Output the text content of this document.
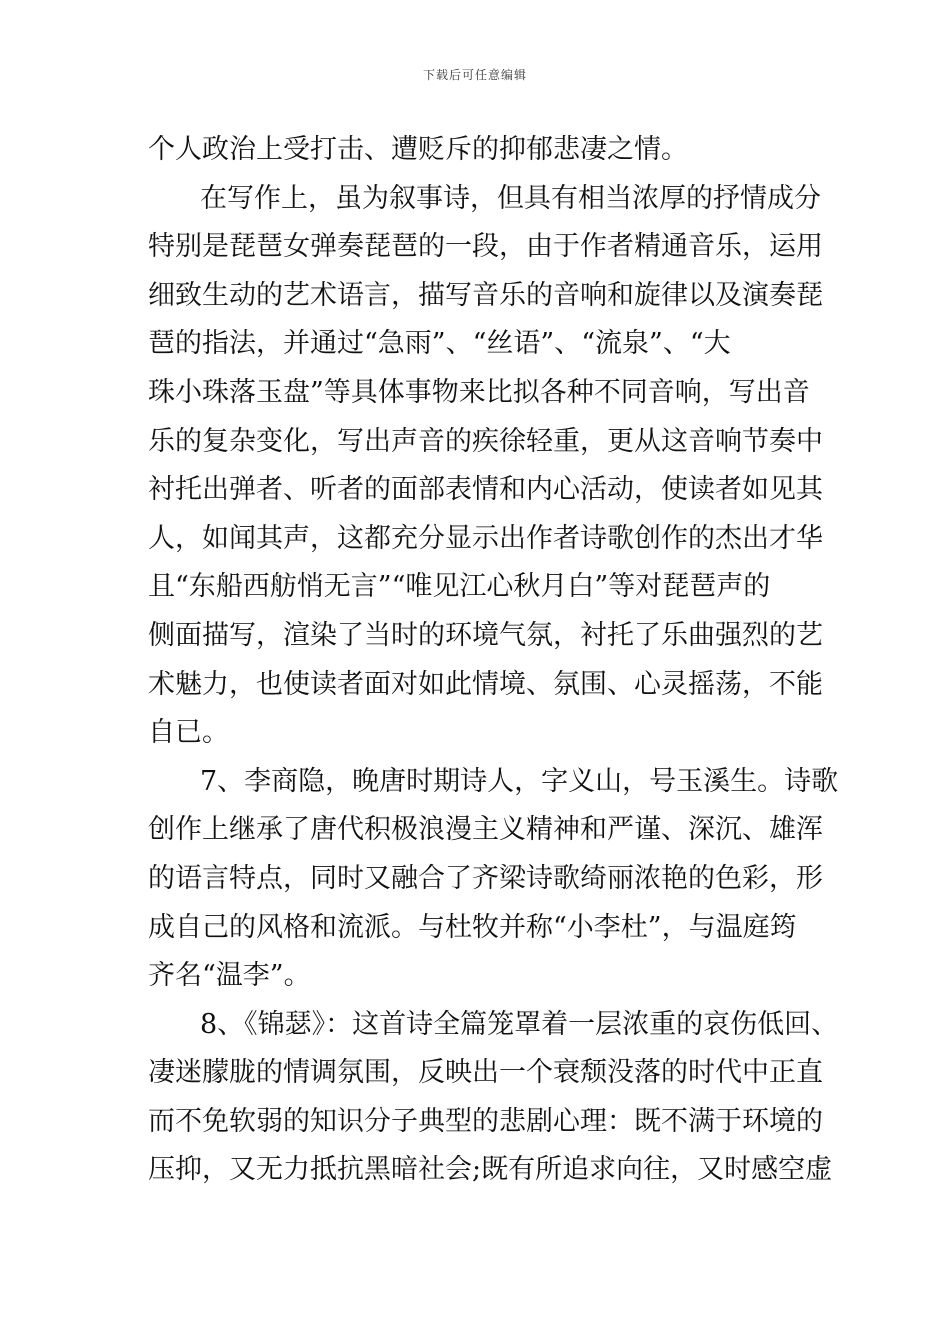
下载后可任意编辑
个人政治上受打击、遭贬斥的抑郁悲凄之情。
在写作上，虽为叙事诗，但具有相当浓厚的抒情成分
特别是琵琶女弹奏琵琶的一段，由于作者精通音乐，运用
细致生动的艺术语言，描写音乐的音响和旋律以及演奏琵
琶的指法，并通过“急雨”、“丝语”、“流泉”、“大
珠小珠落玉盘”等具体事物来比拟各种不同音响，写出音
乐的复杂变化，写出声音的疾徐轻重，更从这音响节奏中
衬托出弹者、听者的面部表情和内心活动，使读者如见其
人，如闻其声，这都充分显示出作者诗歌创作的杰出才华
且“东船西舫悄无言”“唯见江心秋月白”等对琵琶声的
侧面描写，渲染了当时的环境气氛，衬托了乐曲强烈的艺
术魅力，也使读者面对如此情境、氛围、心灵摇荡，不能
自已。
7、李商隐，晚唐时期诗人，字义山，号玉溪生。诗歌
创作上继承了唐代积极浪漫主义精神和严谨、深沉、雄浑
的语言特点，同时又融合了齐梁诗歌绮丽浓艳的色彩，形
成自己的风格和流派。与杜牧并称“小李杜”，与温庭筠
齐名“温李”。
8、《锦瑟》：这首诗全篇笼罩着一层浓重的哀伤低回、
凄迷朦胧的情调氛围，反映出一个衰颓没落的时代中正直
而不免软弱的知识分子典型的悲剧心理：既不满于环境的
压抑，又无力抵抗黑暗社会;既有所追求向往，又时感空虚
